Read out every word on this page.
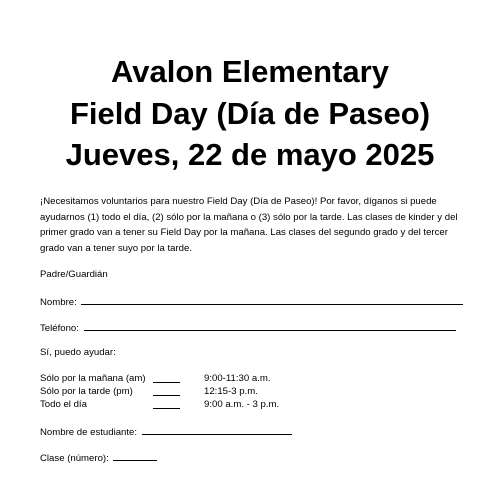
Avalon Elementary
Field Day (Día de Paseo)
Jueves, 22 de mayo 2025
¡Necesitamos voluntarios para nuestro Field Day (Día de Paseo)! Por favor, díganos si puede ayudarnos (1) todo el día, (2) sólo por la mañana o (3) sólo por la tarde. Las clases de kinder y del primer grado van a tener su Field Day por la mañana. Las clases del segundo grado y del tercer grado van a tener suyo por la tarde.
Padre/Guardián
Nombre:
Teléfono:
Sí, puedo ayudar:
Sólo por la mañana (am)	9:00-11:30 a.m.
Sólo por la tarde (pm)	12:15-3 p.m.
Todo el día	9:00 a.m. - 3 p.m.
Nombre de estudiante:
Clase (número):
